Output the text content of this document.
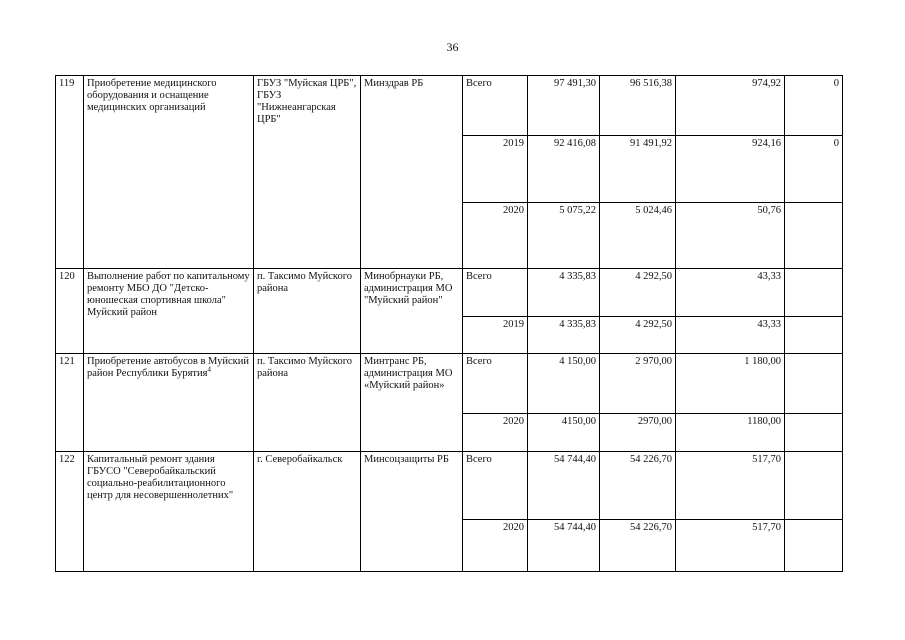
36
119	Приобретение медицинского оборудования и оснащение медицинских организаций	ГБУЗ "Муйская ЦРБ", ГБУЗ "Нижнеангарская ЦРБ"	Минздрав РБ	Всего	97 491,30	96 516,38	974,92	0
				2019	92 416,08	91 491,92	924,16	0
				2020	5 075,22	5 024,46	50,76	
120	Выполнение работ по капитальному ремонту МБО ДО "Детско-юношеская спортивная школа" Муйский район	п. Таксимо Муйского района	Минобрнауки РБ, администрация МО "Муйский район"	Всего	4 335,83	4 292,50	43,33	
				2019	4 335,83	4 292,50	43,33	
121	Приобретение автобусов в Муйский район Республики Бурятия$^4$	п. Таксимо Муйского района	Минтранс РБ, администрация МО «Муйский район»	Всего	4 150,00	2 970,00	1 180,00	
				2020	4150,00	2970,00	1180,00	
122	Капитальный ремонт здания ГБУСО "Северобайкальский социально-реабилитационного центр для несовершеннолетних"	г. Северобайкальск	Минсоцзащиты РБ	Всего	54 744,40	54 226,70	517,70	
				2020	54 744,40	54 226,70	517,70	
